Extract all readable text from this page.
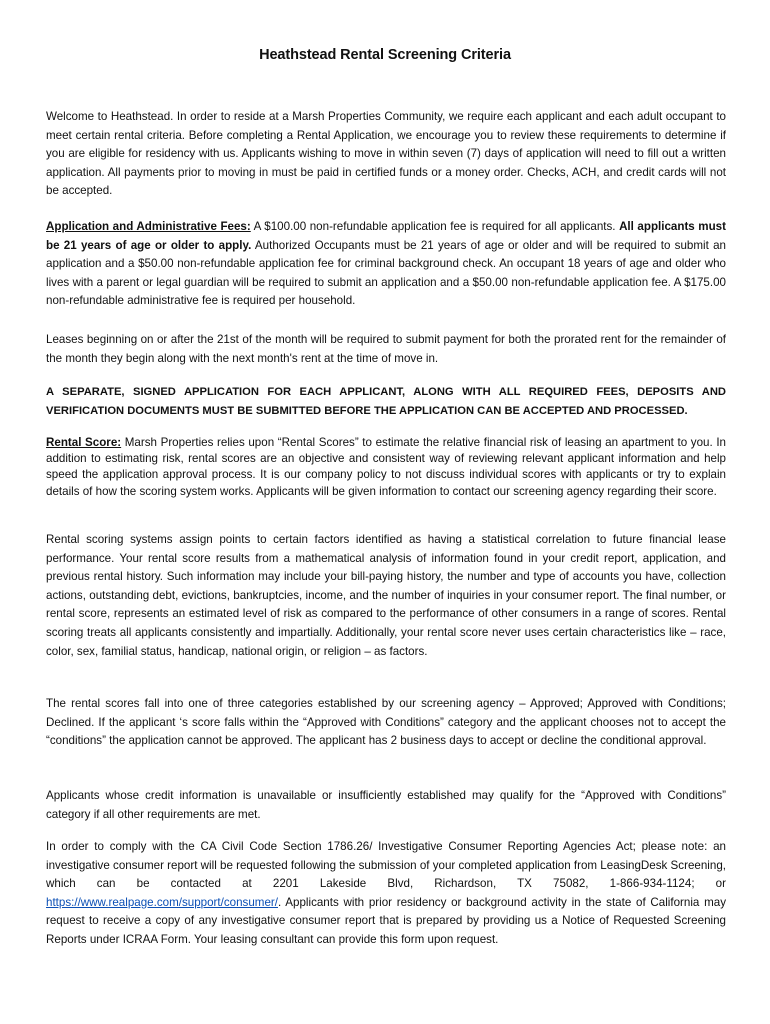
Heathstead Rental Screening Criteria

Welcome to Heathstead. In order to reside at a Marsh Properties Community, we require each applicant and each adult occupant to meet certain rental criteria. Before completing a Rental Application, we encourage you to review these requirements to determine if you are eligible for residency with us. Applicants wishing to move in within seven (7) days of application will need to fill out a written application. All payments prior to moving in must be paid in certified funds or a money order. Checks, ACH, and credit cards will not be accepted.

Application and Administrative Fees: A $100.00 non-refundable application fee is required for all applicants. All applicants must be 21 years of age or older to apply. Authorized Occupants must be 21 years of age or older and will be required to submit an application and a $50.00 non-refundable application fee for criminal background check. An occupant 18 years of age and older who lives with a parent or legal guardian will be required to submit an application and a $50.00 non-refundable application fee. A $175.00 non-refundable administrative fee is required per household.

Leases beginning on or after the 21st of the month will be required to submit payment for both the prorated rent for the remainder of the month they begin along with the next month's rent at the time of move in.

A SEPARATE, SIGNED APPLICATION FOR EACH APPLICANT, ALONG WITH ALL REQUIRED FEES, DEPOSITS AND VERIFICATION DOCUMENTS MUST BE SUBMITTED BEFORE THE APPLICATION CAN BE ACCEPTED AND PROCESSED.

Rental Score: Marsh Properties relies upon “Rental Scores” to estimate the relative financial risk of leasing an apartment to you. In addition to estimating risk, rental scores are an objective and consistent way of reviewing relevant applicant information and help speed the application approval process. It is our company policy to not discuss individual scores with applicants or try to explain details of how the scoring system works. Applicants will be given information to contact our screening agency regarding their score.

Rental scoring systems assign points to certain factors identified as having a statistical correlation to future financial lease performance. Your rental score results from a mathematical analysis of information found in your credit report, application, and previous rental history. Such information may include your bill-paying history, the number and type of accounts you have, collection actions, outstanding debt, evictions, bankruptcies, income, and the number of inquiries in your consumer report. The final number, or rental score, represents an estimated level of risk as compared to the performance of other consumers in a range of scores. Rental scoring treats all applicants consistently and impartially. Additionally, your rental score never uses certain characteristics like – race, color, sex, familial status, handicap, national origin, or religion – as factors.

The rental scores fall into one of three categories established by our screening agency – Approved; Approved with Conditions; Declined. If the applicant ‘s score falls within the “Approved with Conditions” category and the applicant chooses not to accept the “conditions” the application cannot be approved. The applicant has 2 business days to accept or decline the conditional approval.

Applicants whose credit information is unavailable or insufficiently established may qualify for the “Approved with Conditions” category if all other requirements are met.

In order to comply with the CA Civil Code Section 1786.26/ Investigative Consumer Reporting Agencies Act; please note: an investigative consumer report will be requested following the submission of your completed application from LeasingDesk Screening, which can be contacted at 2201 Lakeside Blvd, Richardson, TX 75082, 1-866-934-1124; or https://www.realpage.com/support/consumer/. Applicants with prior residency or background activity in the state of California may request to receive a copy of any investigative consumer report that is prepared by providing us a Notice of Requested Screening Reports under ICRAA Form. Your leasing consultant can provide this form upon request.
